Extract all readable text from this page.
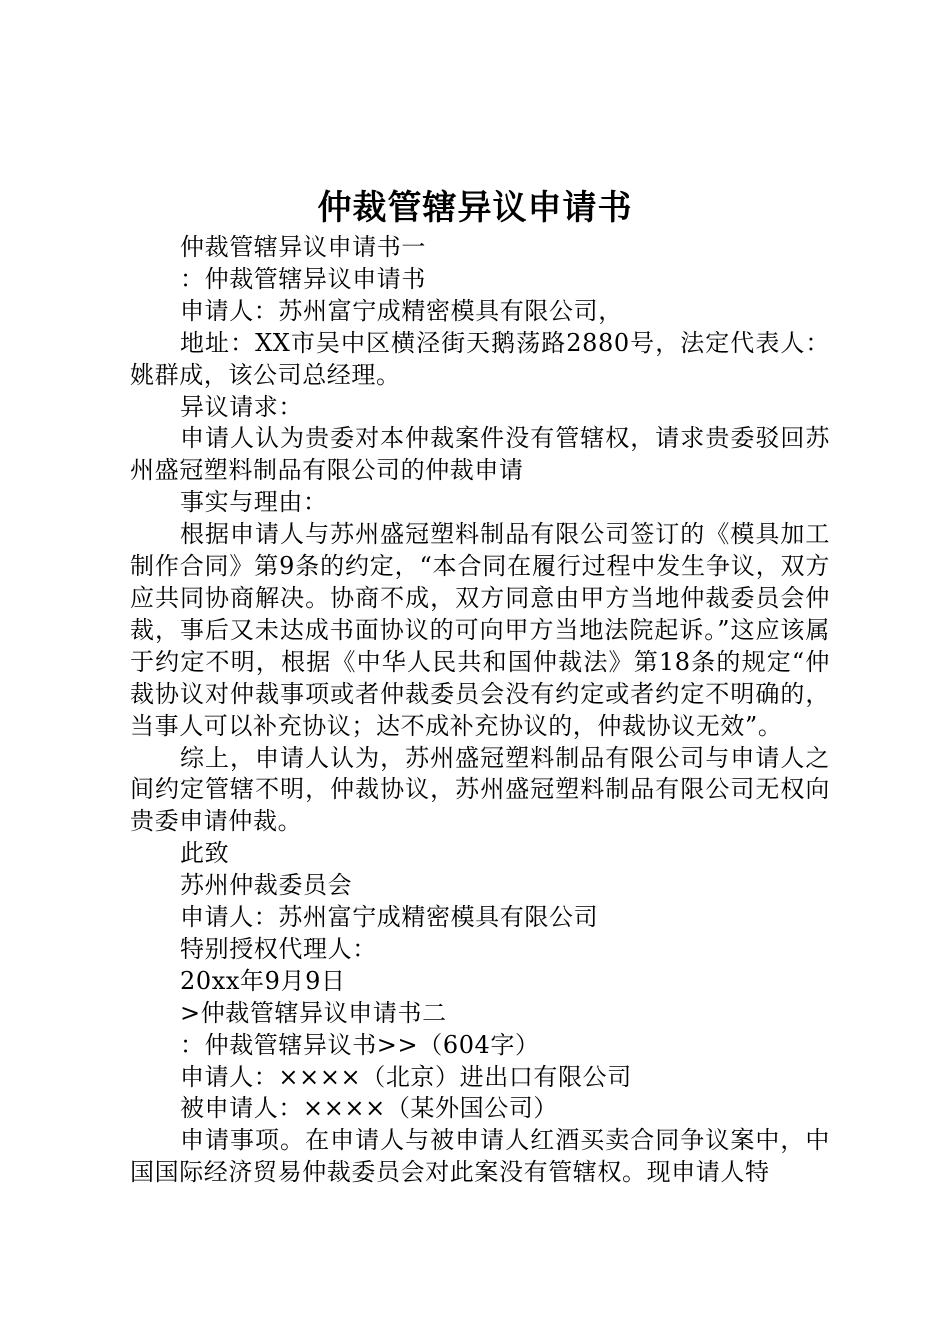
仲裁管辖异议申请书

仲裁管辖异议申请书一

：仲裁管辖异议申请书

申请人：苏州富宁成精密模具有限公司，

地址：XX市吴中区横泾街天鹅荡路2880号，法定代表人：姚群成，该公司总经理。

异议请求：

申请人认为贵委对本仲裁案件没有管辖权，请求贵委驳回苏州盛冠塑料制品有限公司的仲裁申请

事实与理由：

根据申请人与苏州盛冠塑料制品有限公司签订的《模具加工制作合同》第9条的约定，“本合同在履行过程中发生争议，双方应共同协商解决。协商不成，双方同意由甲方当地仲裁委员会仲裁，事后又未达成书面协议的可向甲方当地法院起诉。”这应该属于约定不明，根据《中华人民共和国仲裁法》第18条的规定“仲裁协议对仲裁事项或者仲裁委员会没有约定或者约定不明确的，当事人可以补充协议；达不成补充协议的，仲裁协议无效”。

综上，申请人认为，苏州盛冠塑料制品有限公司与申请人之间约定管辖不明，仲裁协议，苏州盛冠塑料制品有限公司无权向贵委申请仲裁。

此致

苏州仲裁委员会

申请人：苏州富宁成精密模具有限公司

特别授权代理人：

20xx年9月9日

>仲裁管辖异议申请书二

：仲裁管辖异议书>>（604字）

申请人：××××（北京）进出口有限公司

被申请人：××××（某外国公司）

申请事项。在申请人与被申请人红酒买卖合同争议案中，中国国际经济贸易仲裁委员会对此案没有管辖权。现申请人特
